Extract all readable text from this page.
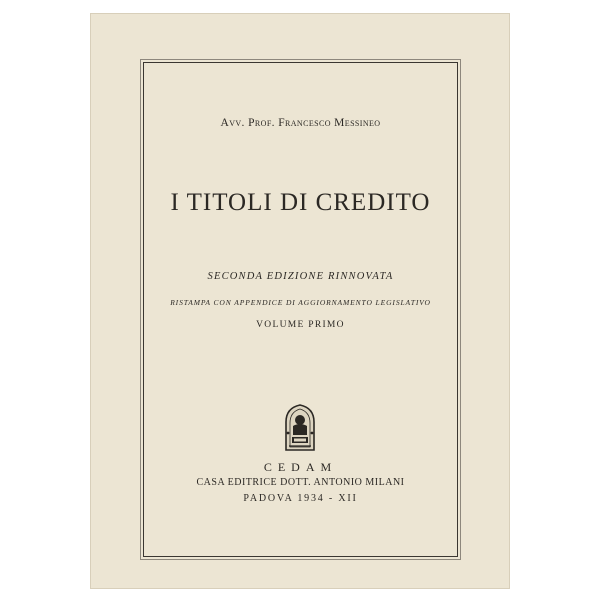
Avv. Prof. Francesco Messineo
I TITOLI DI CREDITO
SECONDA EDIZIONE RINNOVATA
RISTAMPA CON APPENDICE DI AGGIORNAMENTO LEGISLATIVO
VOLUME PRIMO
CEDAM
CASA EDITRICE DOTT. ANTONIO MILANI
PADOVA 1934 - XII
